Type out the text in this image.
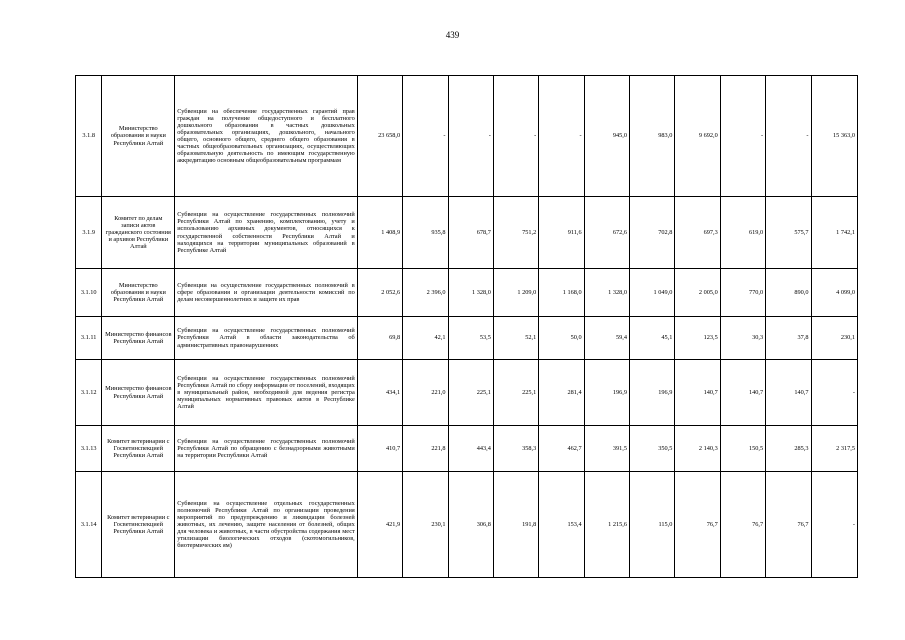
439
3.1.8	Министерство образования и науки Республики Алтай	Субвенции на обеспечение государственных гарантий прав граждан на получение общедоступного и бесплатного дошкольного образования в частных дошкольных образовательных организациях, дошкольного, начального общего, основного общего, среднего общего образования в частных общеобразовательных организациях, осуществляющих образовательную деятельность по имеющим государственную аккредитацию основным общеобразовательным программам	23 658,0	-	-	-	-	945,0	983,0	9 692,0	-	-	15 363,0
3.1.9	Комитет по делам записи актов гражданского состояния и архивов Республики Алтай	Субвенции на осуществление государственных полномочий Республики Алтай по хранению, комплектованию, учету и использованию архивных документов, относящихся к государственной собственности Республики Алтай и находящихся на территории муниципальных образований в Республике Алтай	1 408,9	935,8	678,7	751,2	911,6	672,6	702,8	697,3	619,0	575,7	1 742,1
3.1.10	Министерство образования и науки Республики Алтай	Субвенции на осуществление государственных полномочий в сфере образования и организации деятельности комиссий по делам несовершеннолетних и защите их прав	2 052,6	2 396,0	1 328,0	1 209,0	1 168,0	1 328,0	1 049,0	2 005,0	770,0	890,0	4 099,0
3.1.11	Министерство финансов Республики Алтай	Субвенции на осуществление государственных полномочий Республики Алтай в области законодательства об административных правонарушениях	69,8	42,1	53,5	52,1	50,0	59,4	45,1	123,5	30,3	37,8	230,1
3.1.12	Министерство финансов Республики Алтай	Субвенции на осуществление государственных полномочий Республики Алтай по сбору информации от поселений, входящих в муниципальный район, необходимой для ведения регистра муниципальных нормативных правовых актов в Республике Алтай	434,1	221,0	225,1	225,1	281,4	196,9	196,9	140,7	140,7	140,7	-
3.1.13	Комитет ветеринарии с Госветинспекцией Республики Алтай	Субвенции на осуществление государственных полномочий Республики Алтай по обращению с безнадзорными животными на территории Республики Алтай	410,7	221,8	443,4	358,3	462,7	391,5	350,5	2 140,3	150,5	285,3	2 317,5
3.1.14	Комитет ветеринарии с Госветинспекцией Республики Алтай	Субвенции на осуществление отдельных государственных полномочий Республики Алтай по организации проведения мероприятий по предупреждению и ликвидации болезней животных, их лечению, защите населения от болезней, общих для человека и животных, в части обустройства содержания мест утилизации биологических отходов (скотомогильников, биотермических ям)	421,9	230,1	306,8	191,8	153,4	1 215,6	115,0	76,7	76,7	76,7	-
